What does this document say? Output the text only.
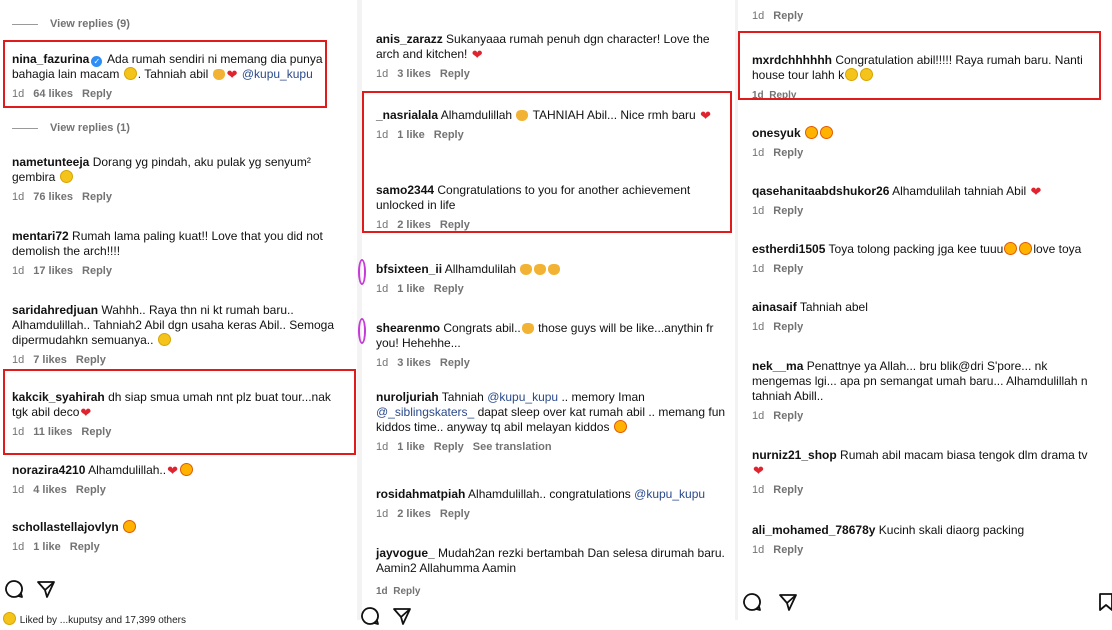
View replies (9)
nina_fazurina ✓ Ada rumah sendiri ni memang dia punya bahagia lain macam . Tahniah abil ❤ @kupu_kupu
1d 64 likes Reply
View replies (1)
nametunteeja Dorang yg pindah, aku pulak yg senyum² gembira
1d 76 likes Reply
mentari72 Rumah lama paling kuat!! Love that you did not demolish the arch!!!!
1d 17 likes Reply
saridahredjuan Wahhh.. Raya thn ni kt rumah baru.. Alhamdulillah.. Tahniah2 Abil dgn usaha keras Abil.. Semoga dipermudahkn semuanya..
1d 7 likes Reply
kakcik_syahirah dh siap smua umah nnt plz buat tour...nak tgk abil deco❤
1d 11 likes Reply
norazira4210 Alhamdulillah..❤
1d 4 likes Reply
schollastellajovlyn
1d 1 like Reply
Liked by ...kuputsy and 17,399 others
anis_zarazz Sukanyaaa rumah penuh dgn character! Love the arch and kitchen! ❤
1d 3 likes Reply
_nasrialala Alhamdulillah TAHNIAH Abil... Nice rmh baru ❤
1d 1 like Reply
samo2344 Congratulations to you for another achievement unlocked in life
1d 2 likes Reply
bfsixteen_ii Allhamdulilah
1d 1 like Reply
shearenmo Congrats abil.. those guys will be like...anythin fr you! Hehehhe...
1d 3 likes Reply
nuroljuriah Tahniah @kupu_kupu .. memory Iman @_siblingskaters_ dapat sleep over kat rumah abil .. memang fun kiddos time.. anyway tq abil melayan kiddos
1d 1 like Reply See translation
rosidahmatpiah Alhamdulillah.. congratulations @kupu_kupu
1d 2 likes Reply
jayvogue_ Mudah2an rezki bertambah Dan selesa dirumah baru. Aamin2 Allahumma Aamin
1d Reply
1d Reply
mxrdchhhhhh Congratulation abil!!!!! Raya rumah baru. Nanti house tour lahh k
1d Reply
onesyuk
1d Reply
qasehanitaabdshukor26 Alhamdulilah tahniah Abil ❤
1d Reply
estherdi1505 Toya tolong packing jga kee tuuu	love toya
1d Reply
ainasaif Tahniah abel
1d Reply
nek__ma Penattnye ya Allah... bru blik@dri S'pore... nk mengemas lgi... apa pn semangat umah baru... Alhamdulillah n tahniah Abill..
1d Reply
nurniz21_shop Rumah abil macam biasa tengok dlm drama tv ❤
1d Reply
ali_mohamed_78678y Kucinh skali diaorg packing
1d Reply
